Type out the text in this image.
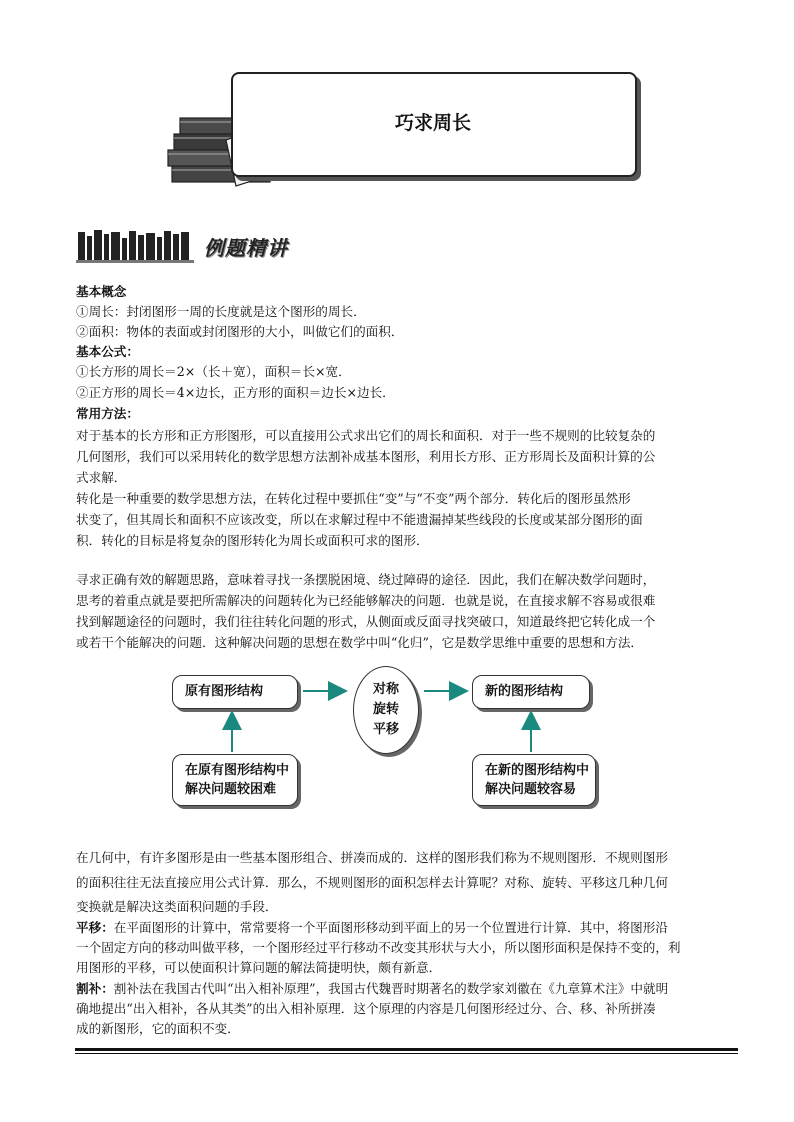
巧求周长
例题精讲
基本概念
①周长：封闭图形一周的长度就是这个图形的周长．
②面积：物体的表面或封闭图形的大小，叫做它们的面积．
基本公式：
①长方形的周长＝2×（长＋宽），面积＝长×宽．
②正方形的周长＝4×边长，正方形的面积＝边长×边长．
常用方法：
对于基本的长方形和正方形图形，可以直接用公式求出它们的周长和面积．对于一些不规则的比较复杂的
几何图形，我们可以采用转化的数学思想方法割补成基本图形，利用长方形、正方形周长及面积计算的公
式求解．
转化是一种重要的数学思想方法，在转化过程中要抓住“变”与“不变”两个部分．转化后的图形虽然形
状变了，但其周长和面积不应该改变，所以在求解过程中不能遗漏掉某些线段的长度或某部分图形的面
积．转化的目标是将复杂的图形转化为周长或面积可求的图形．
寻求正确有效的解题思路，意味着寻找一条摆脱困境、绕过障碍的途径．因此，我们在解决数学问题时，
思考的着重点就是要把所需解决的问题转化为已经能够解决的问题．也就是说，在直接求解不容易或很难
找到解题途径的问题时，我们往往转化问题的形式，从侧面或反面寻找突破口，知道最终把它转化成一个
或若干个能解决的问题．这种解决问题的思想在数学中叫“化归”，它是数学思维中重要的思想和方法．
原有图形结构	对称
旋转
平移
新的图形结构
在原有图形结构中
解决问题较困难
在新的图形结构中
解决问题较容易
在几何中，有许多图形是由一些基本图形组合、拼凑而成的．这样的图形我们称为不规则图形．不规则图形
的面积往往无法直接应用公式计算．那么，不规则图形的面积怎样去计算呢？对称、旋转、平移这几种几何
变换就是解决这类面积问题的手段．
平移：在平面图形的计算中，常常要将一个平面图形移动到平面上的另一个位置进行计算．其中，将图形沿
一个固定方向的移动叫做平移，一个图形经过平行移动不改变其形状与大小，所以图形面积是保持不变的，利
用图形的平移，可以使面积计算问题的解法简捷明快，颇有新意．
割补：割补法在我国古代叫“出入相补原理”，我国古代魏晋时期著名的数学家刘徽在《九章算术注》中就明
确地提出“出入相补，各从其类”的出入相补原理．这个原理的内容是几何图形经过分、合、移、补所拼凑
成的新图形，它的面积不变．
